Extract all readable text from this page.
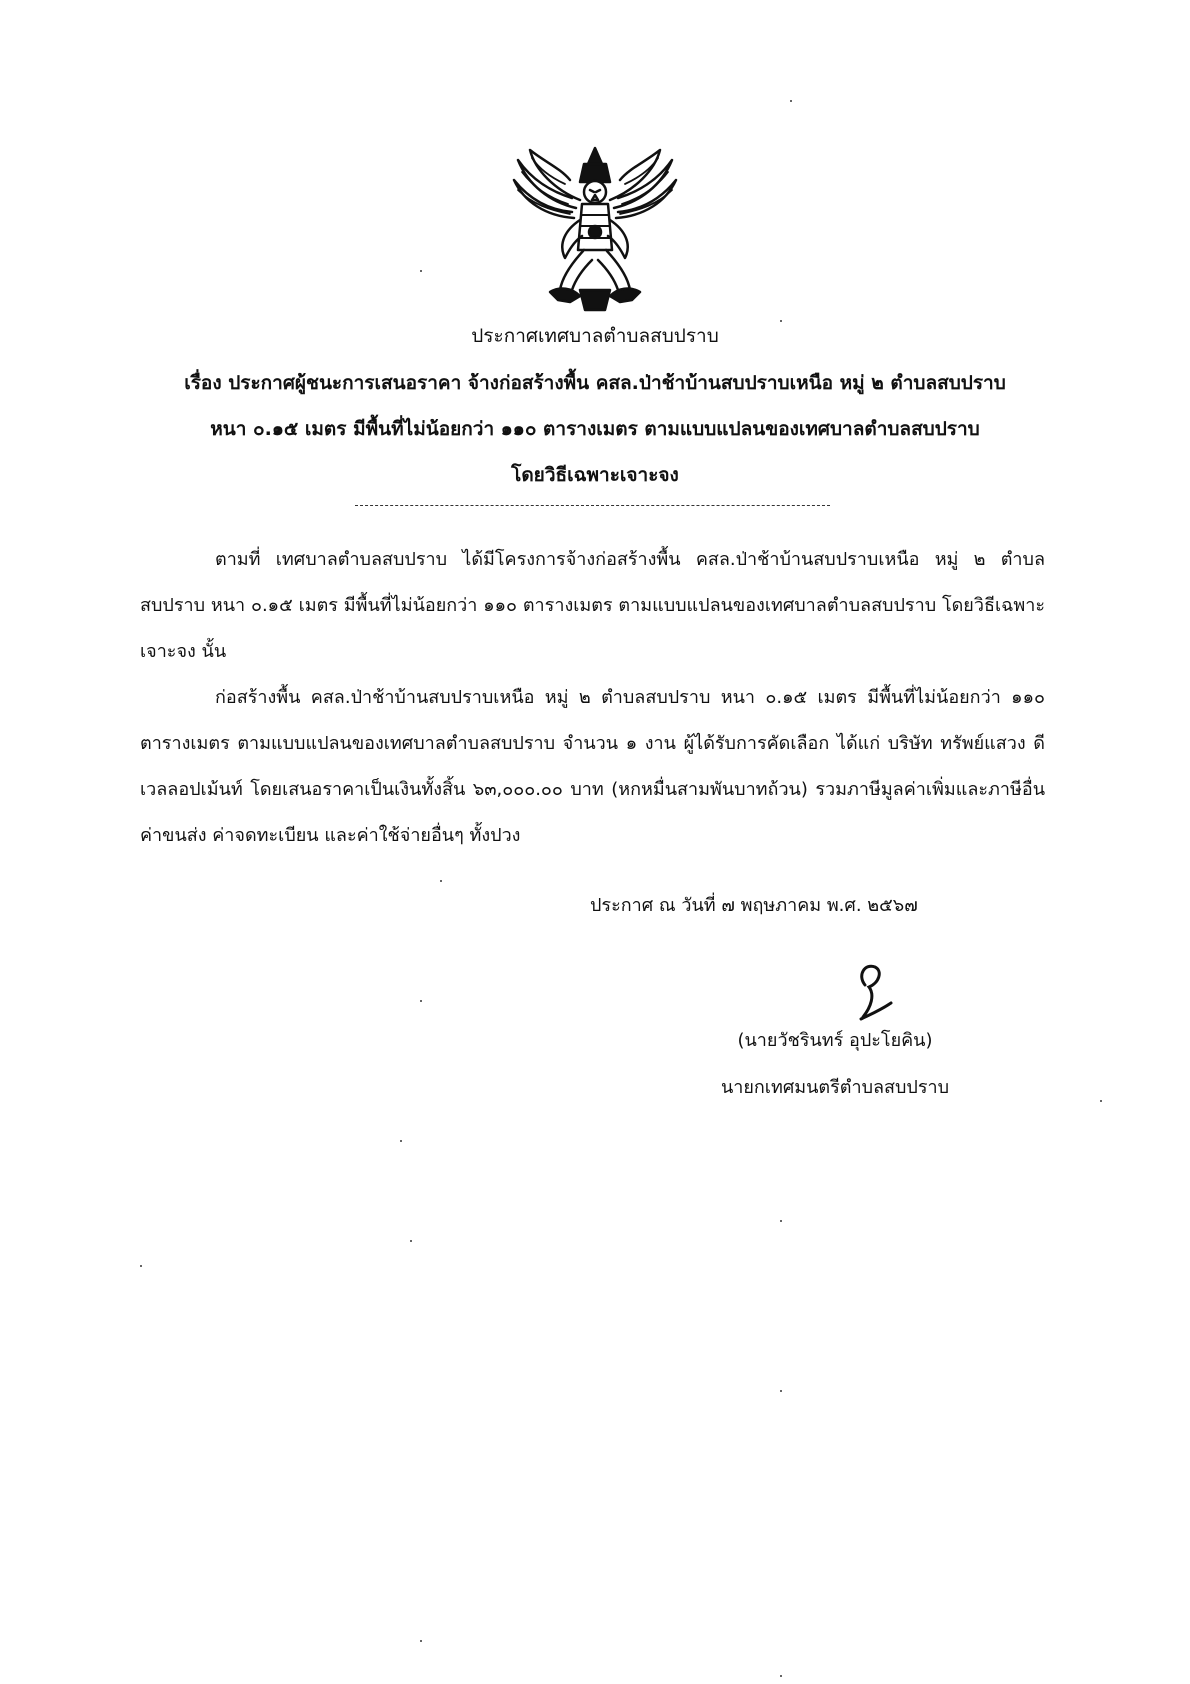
ประกาศเทศบาลตำบลสบปราบ

เรื่อง ประกาศผู้ชนะการเสนอราคา จ้างก่อสร้างพื้น คสล.ป่าช้าบ้านสบปราบเหนือ หมู่ ๒ ตำบลสบปราบ

หนา ๐.๑๕ เมตร มีพื้นที่ไม่น้อยกว่า ๑๑๐ ตารางเมตร ตามแบบแปลนของเทศบาลตำบลสบปราบ

โดยวิธีเฉพาะเจาะจง

ตามที่ เทศบาลตำบลสบปราบ ได้มีโครงการจ้างก่อสร้างพื้น คสล.ป่าช้าบ้านสบปราบเหนือ หมู่ ๒ ตำบลสบปราบ หนา ๐.๑๕ เมตร มีพื้นที่ไม่น้อยกว่า ๑๑๐ ตารางเมตร ตามแบบแปลนของเทศบาลตำบลสบปราบ โดยวิธีเฉพาะเจาะจง นั้น

ก่อสร้างพื้น คสล.ป่าช้าบ้านสบปราบเหนือ หมู่ ๒ ตำบลสบปราบ หนา ๐.๑๕ เมตร มีพื้นที่ไม่น้อยกว่า ๑๑๐ ตารางเมตร ตามแบบแปลนของเทศบาลตำบลสบปราบ จำนวน ๑ งาน ผู้ได้รับการคัดเลือก ได้แก่ บริษัท ทรัพย์แสวง ดีเวลลอปเม้นท์ โดยเสนอราคาเป็นเงินทั้งสิ้น ๖๓,๐๐๐.๐๐ บาท (หกหมื่นสามพันบาทถ้วน) รวมภาษีมูลค่าเพิ่มและภาษีอื่น ค่าขนส่ง ค่าจดทะเบียน และค่าใช้จ่ายอื่นๆ ทั้งปวง

ประกาศ ณ วันที่ ๗ พฤษภาคม พ.ศ. ๒๕๖๗
(นายวัชรินทร์ อุปะโยคิน)
นายกเทศมนตรีตำบลสบปราบ
